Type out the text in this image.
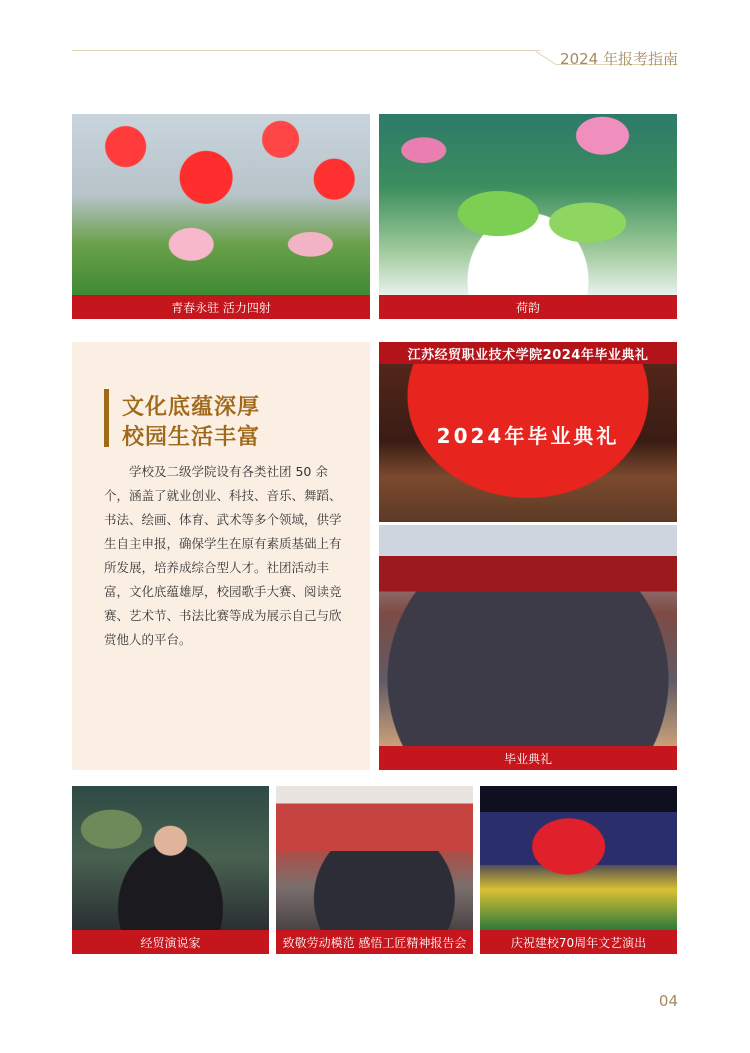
2024 年报考指南
青春永驻 活力四射	荷韵
文化底蕴深厚
校园生活丰富
学校及二级学院设有各类社团 50 余个，涵盖了就业创业、科技、音乐、舞蹈、书法、绘画、体育、武术等多个领域，供学生自主申报，确保学生在原有素质基础上有所发展，培养成综合型人才。社团活动丰富，文化底蕴雄厚，校园歌手大赛、阅读竞赛、艺术节、书法比赛等成为展示自己与欣赏他人的平台。
江苏经贸职业技术学院2024年毕业典礼
2024年毕业典礼
毕业典礼
经贸演说家	致敬劳动模范 感悟工匠精神报告会	庆祝建校70周年文艺演出
04
